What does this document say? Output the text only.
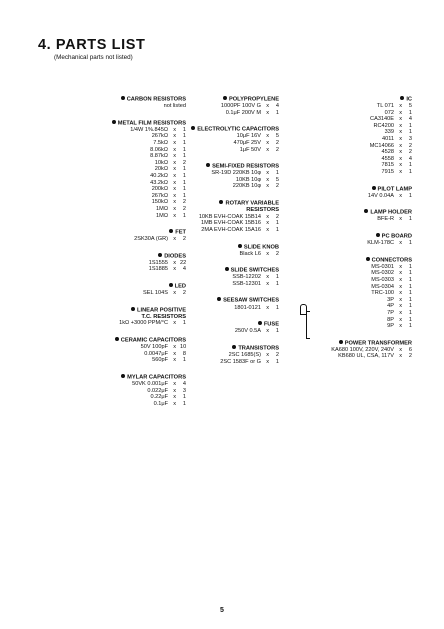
4. PARTS LIST
(Mechanical parts not listed)
CARBON RESISTORS
not listed
METAL FILM RESISTORS
1/4W 1%.845Ω x	1
267kΩ x	1
7.5kΩ x	1
8.06kΩ x	1
8.87kΩ x	1
10kΩ x	2
20kΩ x	1
40.2kΩ x	1
43.2kΩ x	1
200kΩ x	1
267kΩ x	1
150kΩ x	2
1MΩ x	2
1MΩ x	1
FET
2SK30A (GR) x	2
DIODES
1S1555 x 22
1S1885 x	4
LED
SEL 104S x	2
LINEAR POSITIVE
T.C. RESISTORS
1kΩ +3000 PPM/°C x	1
CERAMIC CAPACITORS
50V 100pF x 10
0.0047μF x	8
560pF x	1
MYLAR CAPACITORS
50VK 0.001μF x	4
0.022μF x	3
0.22μF x	1
0.1μF x	1
POLYPROPYLENE
1000PF 100V G x	4
0.1μF 200V M x	1
ELECTROLYTIC CAPACITORS
10μF 16V x	5
470μF 25V x	2
1μF 50V x	2
SEMI-FIXED RESISTORS
SR-19D 220KB 10φ x	1
10KB 10φ x	5
220KB 10φ x	2
ROTARY VARIABLE
RESISTORS
10KB EVH-COAK 15B14 x	2
1MB EVH-COAK 15B16 x	1
2MA EVH-COAK 15A16 x	1
SLIDE KNOB
Black L6 x	2
SLIDE SWITCHES
SSB-12202 x	1
SSB-12301 x	1
SEESAW SWITCHES
1801-0121 x	1
FUSE
250V 0.5A x	1
TRANSISTORS
2SC 1685(S) x	2
2SC 1583F or G x	1
IC
TL 071 x	5
072 x	1
CA3140E x	4
RC4200 x	1
339 x	1
4011 x	3
MC14066 x	2
4528 x	2
4558 x	4
7815 x	1
7915 x	1
PILOT LAMP
14V 0.04A x	1
LAMP HOLDER
BFE-R x	1
PC BOARD
KLM-178C x	1
CONNECTORS
MS-0301 x	1
MS-0302 x	1
MS-0303 x	1
MS-0304 x	1
TRC-100 x	1
3P x	1
4P x	1
7P x	1
8P x	1
9P x	1
POWER TRANSFORMER
KA680 100V, 220V, 240V x	6
KB680 UL, CSA, 117V x	2
5
